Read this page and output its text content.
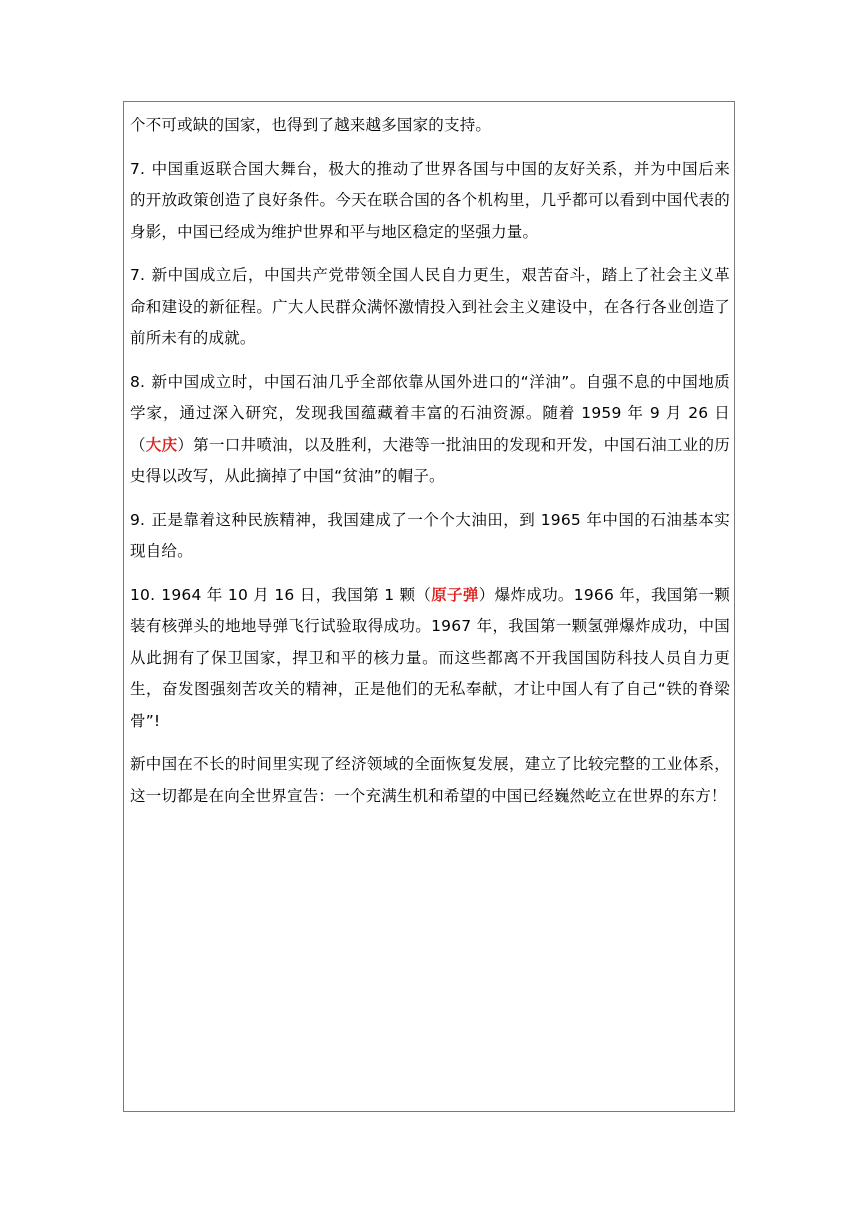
个不可或缺的国家，也得到了越来越多国家的支持。

7. 中国重返联合国大舞台，极大的推动了世界各国与中国的友好关系，并为中国后来的开放政策创造了良好条件。今天在联合国的各个机构里，几乎都可以看到中国代表的身影，中国已经成为维护世界和平与地区稳定的坚强力量。

7. 新中国成立后，中国共产党带领全国人民自力更生，艰苦奋斗，踏上了社会主义革命和建设的新征程。广大人民群众满怀激情投入到社会主义建设中，在各行各业创造了前所未有的成就。

8. 新中国成立时，中国石油几乎全部依靠从国外进口的“洋油”。自强不息的中国地质学家，通过深入研究，发现我国蕴藏着丰富的石油资源。随着 1959 年 9 月 26 日（大庆）第一口井喷油，以及胜利，大港等一批油田的发现和开发，中国石油工业的历史得以改写，从此摘掉了中国“贫油”的帽子。

9. 正是靠着这种民族精神，我国建成了一个个大油田，到 1965 年中国的石油基本实现自给。

10. 1964 年 10 月 16 日，我国第 1 颗（原子弹）爆炸成功。1966 年，我国第一颗装有核弹头的地地导弹飞行试验取得成功。1967 年，我国第一颗氢弹爆炸成功，中国从此拥有了保卫国家，捍卫和平的核力量。而这些都离不开我国国防科技人员自力更生，奋发图强刻苦攻关的精神，正是他们的无私奉献，才让中国人有了自己“铁的脊梁骨”!

新中国在不长的时间里实现了经济领域的全面恢复发展，建立了比较完整的工业体系，这一切都是在向全世界宣告：一个充满生机和希望的中国已经巍然屹立在世界的东方！
